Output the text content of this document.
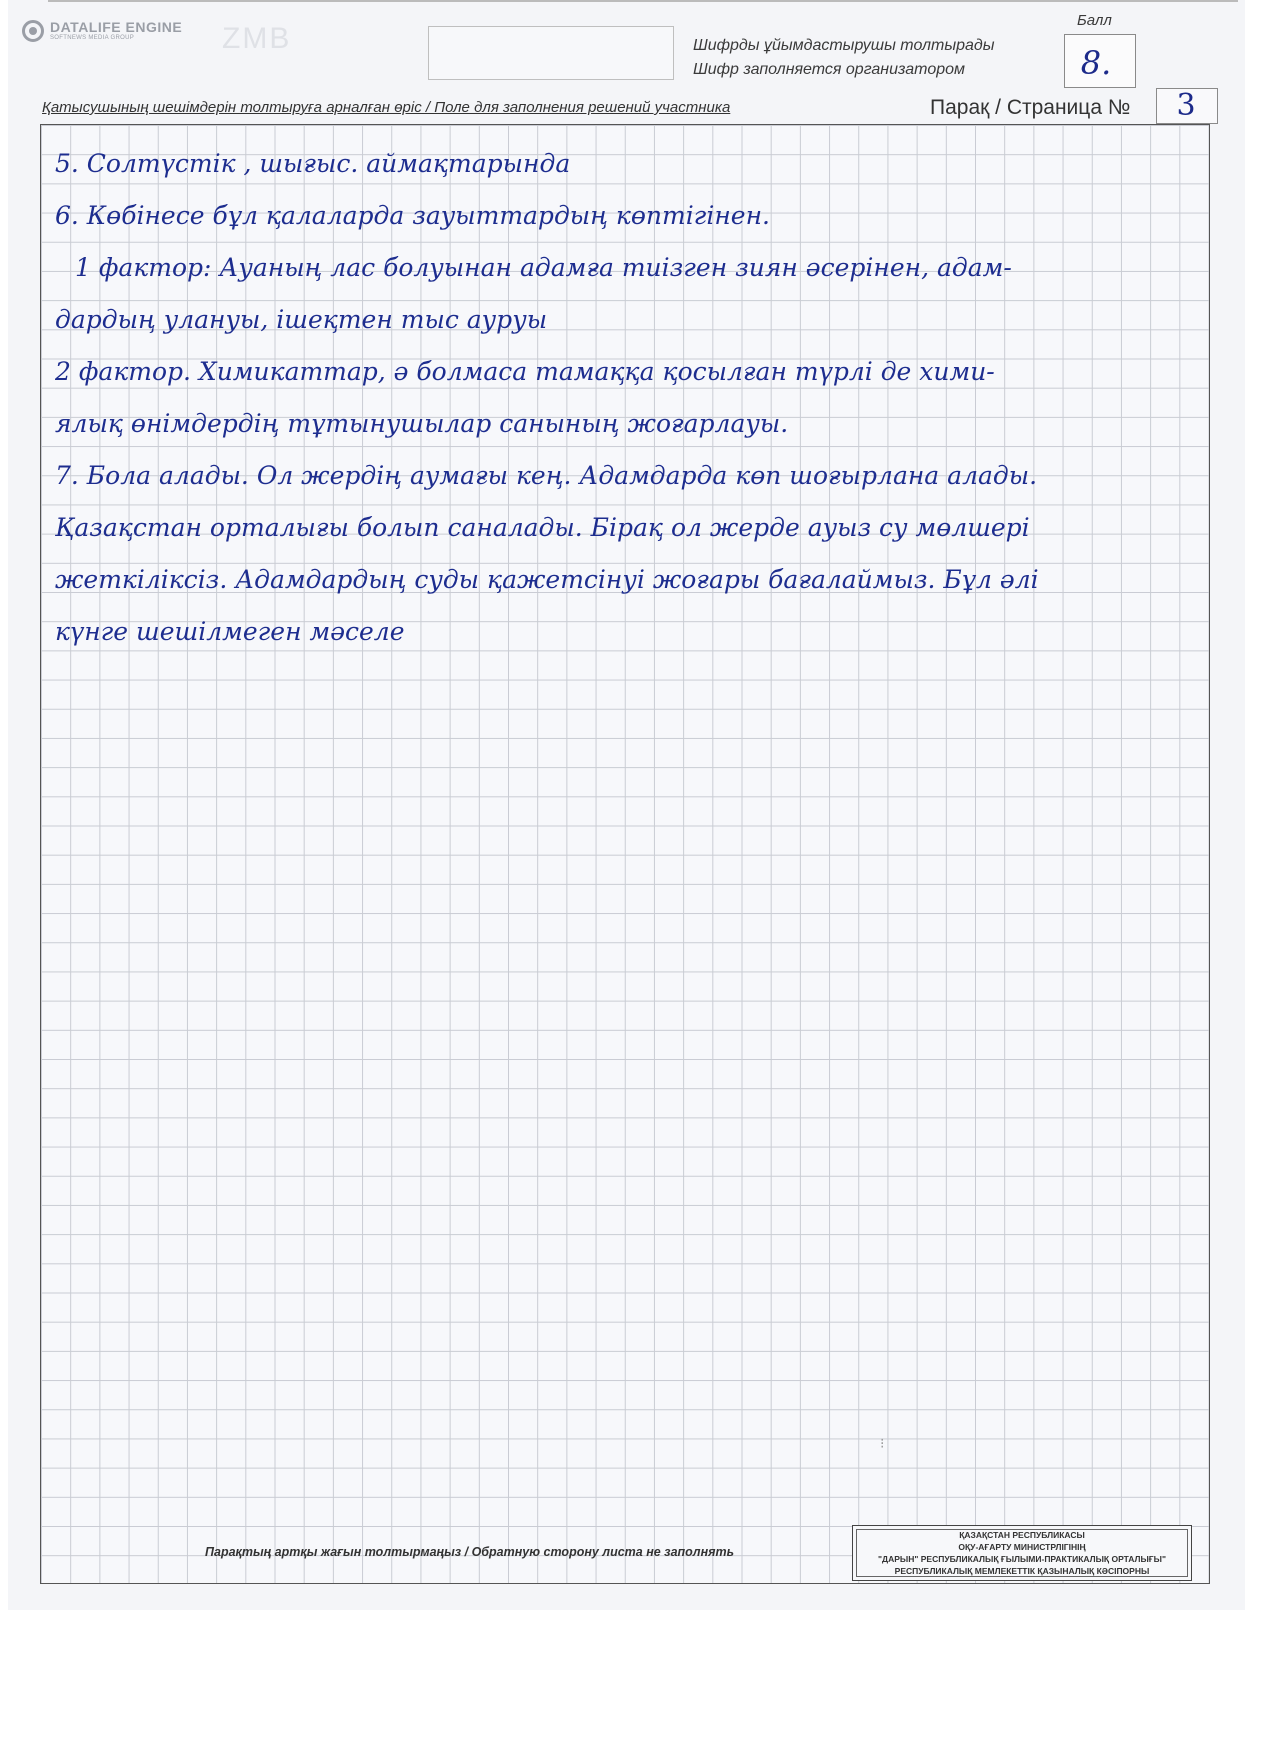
DATALIFE ENGINE
SOFTNEWS MEDIA GROUP	ZMB	Шифрды ұйымдастырушы толтырады
Шифр заполняется организатором
Балл
8.
Қатысушының шешімдерін толтыруға арналған өріс / Поле для заполнения решений участника	Парақ / Страница №	3
5. Солтүстік , шығыс. аймақтарында
6. Көбінесе бұл қалаларда зауыттардың көптігінен.
1 фактор: Ауаның лас болуынан адамға тиізген зиян әсерінен, адам-
дардың улануы, ішеқтен тыс ауруы
2 фактор. Химикаттар, ә болмаса тамаққа қосылған түрлі де хими-
ялық өнімдердің тұтынушылар санының жоғарлауы.
7. Бола алады. Ол жердің аумағы кең. Адамдарда көп шоғырлана алады.
Қазақстан орталығы болып саналады. Бірақ ол жерде ауыз су мөлшері
жеткіліксіз. Адамдардың суды қажетсінуі жоғары бағалаймыз. Бұл әлі
күнге шешілмеген мәселе
⁝
Парақтың артқы жағын толтырмаңыз / Обратную сторону листа не заполнять
ҚАЗАҚСТАН РЕСПУБЛИКАСЫ
ОҚУ-АҒАРТУ МИНИСТРЛІГІНІҢ
"ДАРЫН" РЕСПУБЛИКАЛЫҚ ҒЫЛЫМИ-ПРАКТИКАЛЫҚ ОРТАЛЫҒЫ"
РЕСПУБЛИКАЛЫҚ МЕМЛЕКЕТТІК ҚАЗЫНАЛЫҚ КӘСІПОРНЫ
